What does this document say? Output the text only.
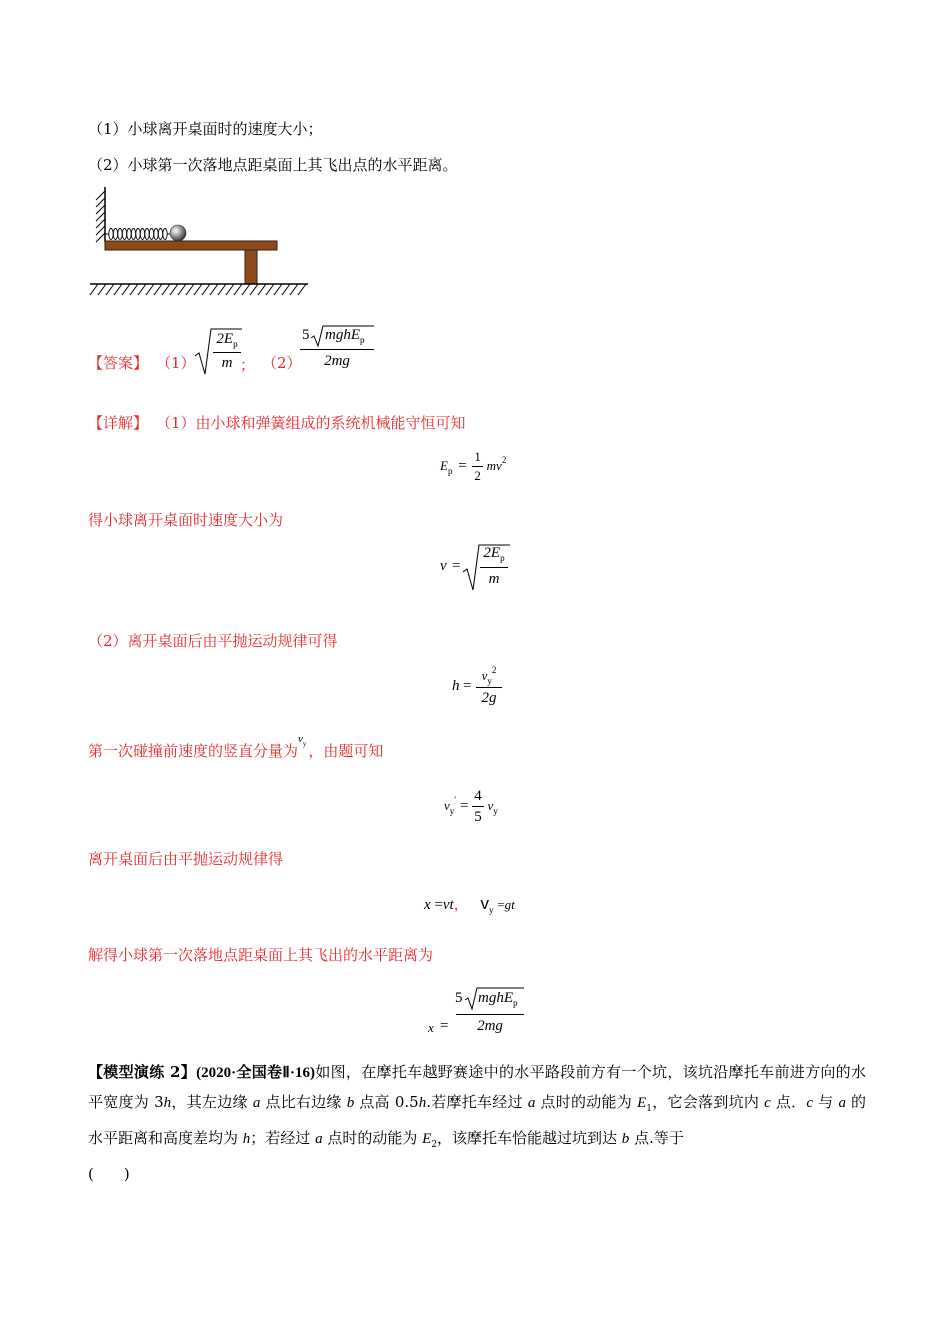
（1）小球离开桌面时的速度大小；
（2）小球第一次落地点距桌面上其飞出点的水平距离。
【答案】 （1）
$2E_p$
m ； （2）
5 mghE$_p$
2mg
【详解】 （1）由小球和弹簧组成的系统机械能守恒可知
$E_p = \frac{1}{2} mv^2$
得小球离开桌面时速度大小为
v =
$2E_p$
m
（2）离开桌面后由平抛运动规律可得
h =
$v_y^2$
2g
第一次碰撞前速度的竖直分量为$v_y$ ，由题可知
$v_y' = \frac{4}{5} v_y$
离开桌面后由平抛运动规律得
x =vt， $v_y =gt$
解得小球第一次落地点距桌面上其飞出的水平距离为
x =
5 mghE$_p$
2mg
【模型演练 2】(2020·全国卷Ⅱ·16)如图，在摩托车越野赛途中的水平路段前方有一个坑，该坑沿摩托车前进方向的水平宽度为 3h，其左边缘 a 点比右边缘 b 点高 0.5h.若摩托车经过 a 点时的动能为 $E_1$，它会落到坑内 c 点．c 与 a 的水平距离和高度差均为 h；若经过 a 点时的动能为 $E_2$，该摩托车恰能越过坑到达 b 点.等于
(　　)
